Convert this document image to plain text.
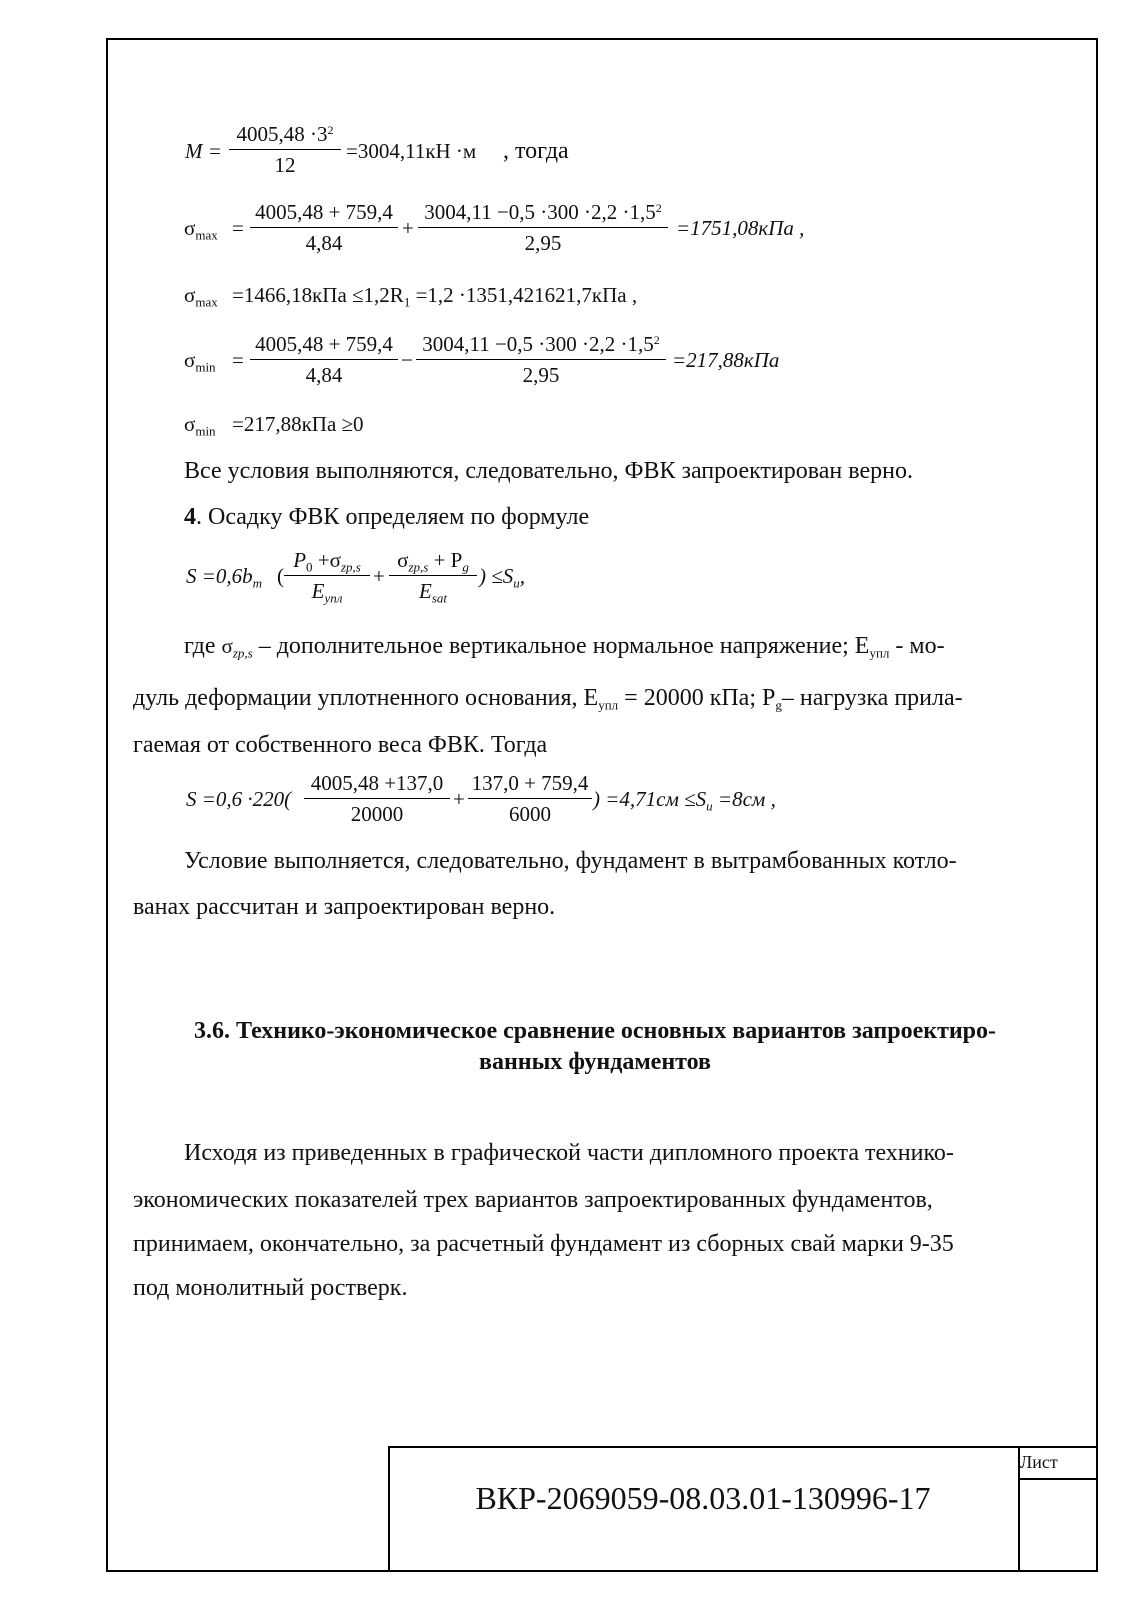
M =
$4005,48 \cdot 3^2$
12
=3004,11кН ·м , тогда
$\sigma_{max}$ =
4005,48 + 759,4
4,84
+
$3004,11 -0,5 \cdot 300 \cdot 2,2 \cdot 1,5^2$
2,95
=1751,08кПа ,
$\sigma_{max} =1466,18кПа \le 1,2R_1 =1,2 \cdot 1351,421621,7кПа$ ,
$\sigma_{min}$ =
4005,48 + 759,4
4,84
−
$3004,11 -0,5 \cdot 300 \cdot 2,2 \cdot 1,5^2$
2,95
=217,88кПа
$\sigma_{min} =217,88кПа \ge 0$
Все условия выполняются, следовательно, ФВК запроектирован верно.
4. Осадку ФВК определяем по формуле
$S =0,6b_m$ (
$P_0 +\sigma_{zp,s}$
$E_{упл}$
+
$\sigma_{zp,s} + P_g$
$E_{sat}$
) $\le S_u$,
где σzp,s – дополнительное вертикальное нормальное напряжение; Еупл - мо-
дуль деформации уплотненного основания, Еупл = 20000 кПа; Pg– нагрузка прила-
гаемая от собственного веса ФВК. Тогда
S =0,6 ·220(
4005,48 +137,0
20000
+
137,0 + 759,4
6000
) $=4,71см \le S_u =8см$ ,
Условие выполняется, следовательно, фундамент в вытрамбованных котло-
ванах рассчитан и запроектирован верно.
3.6. Технико-экономическое сравнение основных вариантов запроектиро-
ванных фундаментов
Исходя из приведенных в графической части дипломного проекта технико-
экономических показателей трех вариантов запроектированных фундаментов,
принимаем, окончательно, за расчетный фундамент из сборных свай марки 9-35
под монолитный ростверк.
Лист
ВКР-2069059-08.03.01-130996-17
